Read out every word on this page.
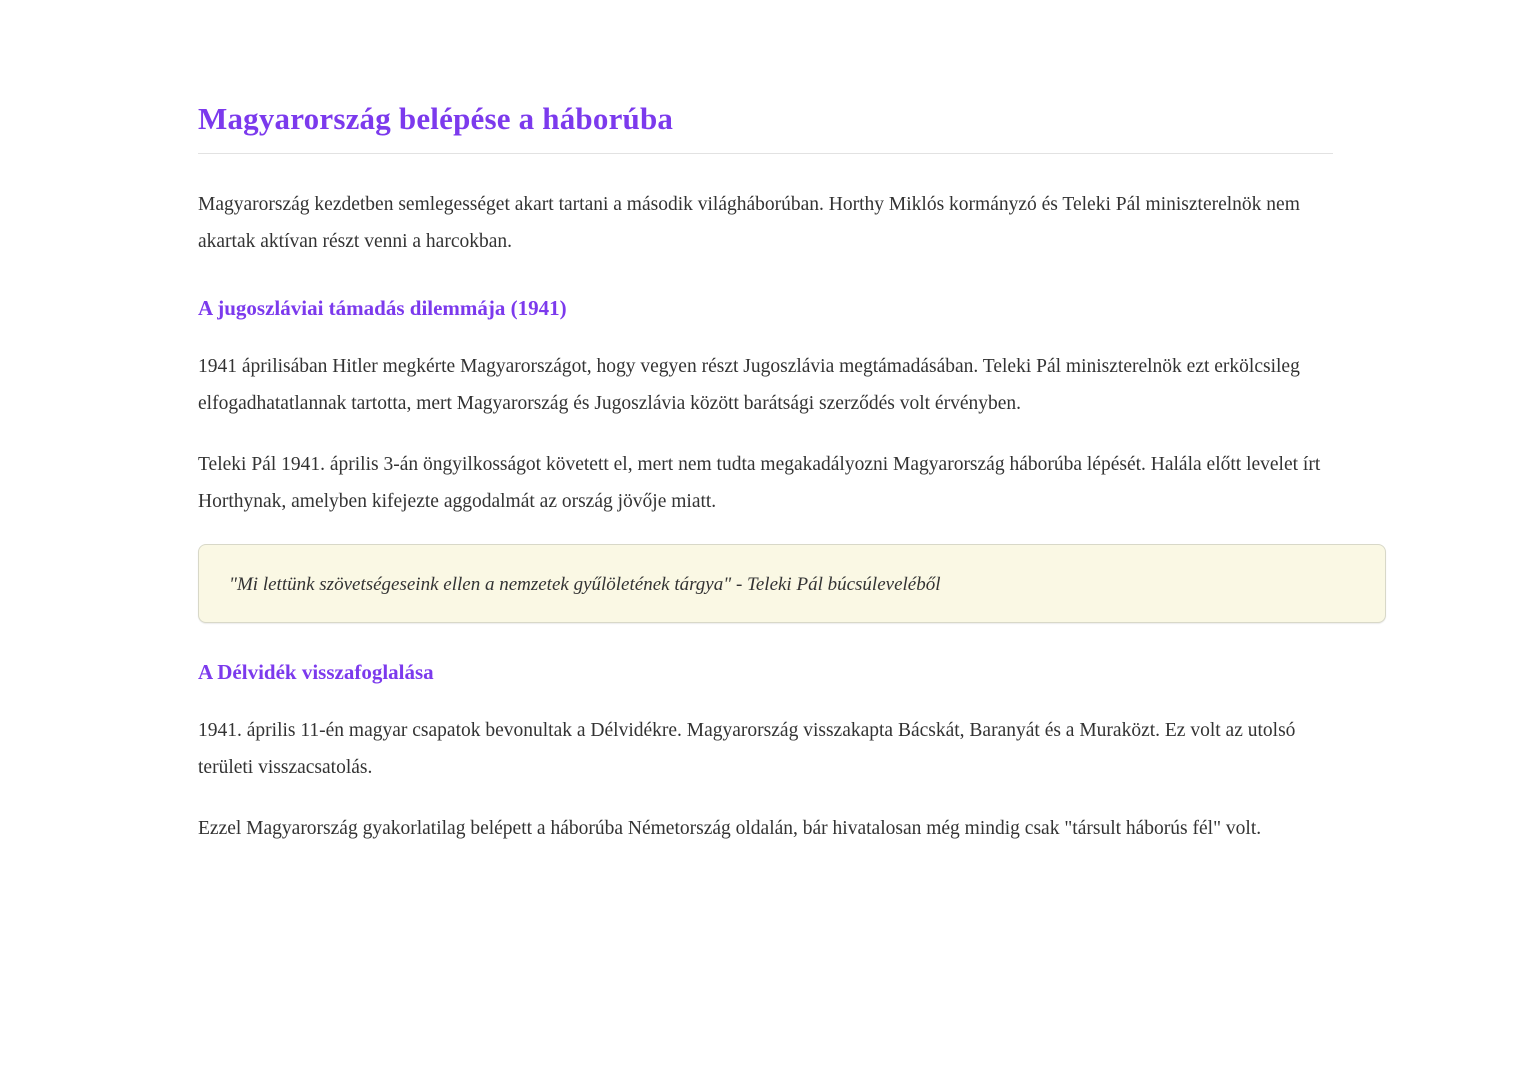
Magyarország belépése a háborúba

Magyarország kezdetben semlegességet akart tartani a második világháborúban. Horthy Miklós kormányzó és Teleki Pál miniszterelnök nem akartak aktívan részt venni a harcokban.

A jugoszláviai támadás dilemmája (1941)

1941 áprilisában Hitler megkérte Magyarországot, hogy vegyen részt Jugoszlávia megtámadásában. Teleki Pál miniszterelnök ezt erkölcsileg elfogadhatatlannak tartotta, mert Magyarország és Jugoszlávia között barátsági szerződés volt érvényben.

Teleki Pál 1941. április 3-án öngyilkosságot követett el, mert nem tudta megakadályozni Magyarország háborúba lépését. Halála előtt levelet írt Horthynak, amelyben kifejezte aggodalmát az ország jövője miatt.

"Mi lettünk szövetségeseink ellen a nemzetek gyűlöletének tárgya" - Teleki Pál búcsúleveléből

A Délvidék visszafoglalása

1941. április 11-én magyar csapatok bevonultak a Délvidékre. Magyarország visszakapta Bácskát, Baranyát és a Muraközt. Ez volt az utolsó területi visszacsatolás.

Ezzel Magyarország gyakorlatilag belépett a háborúba Németország oldalán, bár hivatalosan még mindig csak "társult háborús fél" volt.
